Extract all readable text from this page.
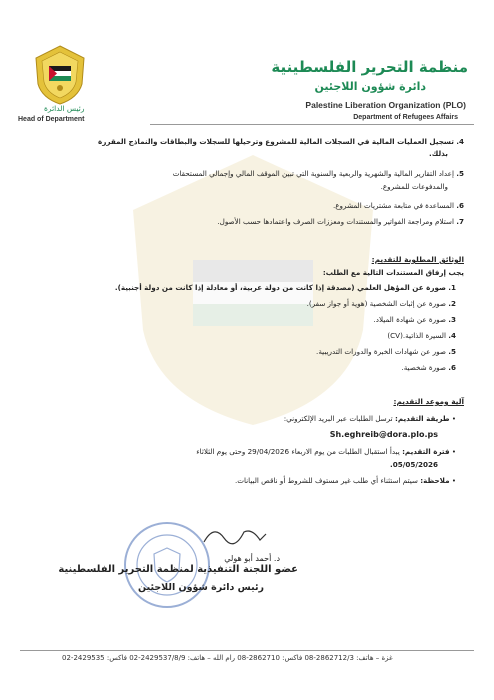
رئيس الدائرة
Head of Department
منظمة التحرير الفلسطينية
دائرة شؤون اللاجئين
Palestine Liberation Organization (PLO)
Department of Refugees Affairs
4. تسجيل العمليات المالية في السجلات المالية للمشروع وترحيلها للسجلات والبطاقات والنماذج المقررة
بذلك.
5. إعداد التقارير المالية والشهرية والربعية والسنوية التي تبين الموقف المالي وإجمالي المستحقات
والمدفوعات للمشروع.
6. المساعدة في متابعة مشتريات المشروع.
7. استلام ومراجعة الفواتير والمستندات ومعززات الصرف واعتمادها حسب الأصول.
الوثائق المطلوبة للتقديم:
يجب إرفاق المستندات التالية مع الطلب:
1. صورة عن المؤهل العلمي (مصدقة إذا كانت من دولة عربية، أو معادلة إذا كانت من دولة أجنبية).
2. صورة عن إثبات الشخصية (هوية أو جواز سفر).
3. صورة عن شهادة الميلاد.
4. السيرة الذاتية.(CV)
5. صور عن شهادات الخبرة والدورات التدريبية.
6. صورة شخصية.
آلية وموعد التقديم:
• طريقة التقديم: ترسل الطلبات عبر البريد الإلكتروني:
Sh.eghreib@dora.plo.ps
• فترة التقديم: يبدأ استقبال الطلبات من يوم الاربعاء 29/04/2026 وحتى يوم الثلاثاء
05/05/2026.
• ملاحظة: سيتم استثناء أي طلب غير مستوف للشروط أو ناقص البيانات.
د. أحمد أبو هولي
عضو اللجنة التنفيذية لمنظمة التحرير الفلسطينية
رئيس دائرة شؤون اللاجئين
غزة – هاتف: 2862712/3-08 فاكس: 2862710-08 رام الله – هاتف: 2429537/8/9-02 فاكس: 2429535-02
